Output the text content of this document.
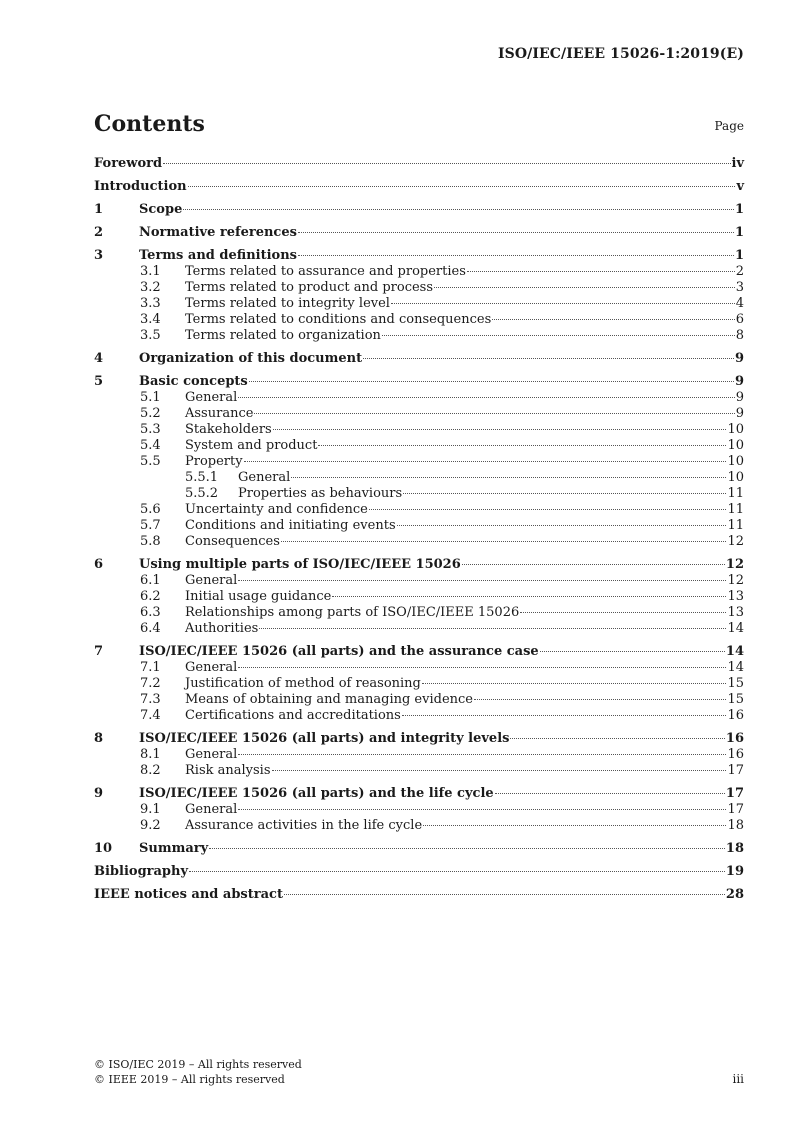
ISO/IEC/IEEE 15026-1:2019(E)
Contents	Page
Foreword	iv
Introduction	v
1	Scope	1
2	Normative references	1
3	Terms and definitions	1
3.1	Terms related to assurance and properties	2
3.2	Terms related to product and process	3
3.3	Terms related to integrity level	4
3.4	Terms related to conditions and consequences	6
3.5	Terms related to organization	8
4	Organization of this document	9
5	Basic concepts	9
5.1	General	9
5.2	Assurance	9
5.3	Stakeholders	10
5.4	System and product	10
5.5	Property	10
5.5.1	General	10
5.5.2	Properties as behaviours	11
5.6	Uncertainty and confidence	11
5.7	Conditions and initiating events	11
5.8	Consequences	12
6	Using multiple parts of ISO/IEC/IEEE 15026	12
6.1	General	12
6.2	Initial usage guidance	13
6.3	Relationships among parts of ISO/IEC/IEEE 15026	13
6.4	Authorities	14
7	ISO/IEC/IEEE 15026 (all parts) and the assurance case	14
7.1	General	14
7.2	Justification of method of reasoning	15
7.3	Means of obtaining and managing evidence	15
7.4	Certifications and accreditations	16
8	ISO/IEC/IEEE 15026 (all parts) and integrity levels	16
8.1	General	16
8.2	Risk analysis	17
9	ISO/IEC/IEEE 15026 (all parts) and the life cycle	17
9.1	General	17
9.2	Assurance activities in the life cycle	18
10	Summary	18
Bibliography	19
IEEE notices and abstract	28
© ISO/IEC 2019 – All rights reserved
© IEEE 2019 – All rights reserved	iii
